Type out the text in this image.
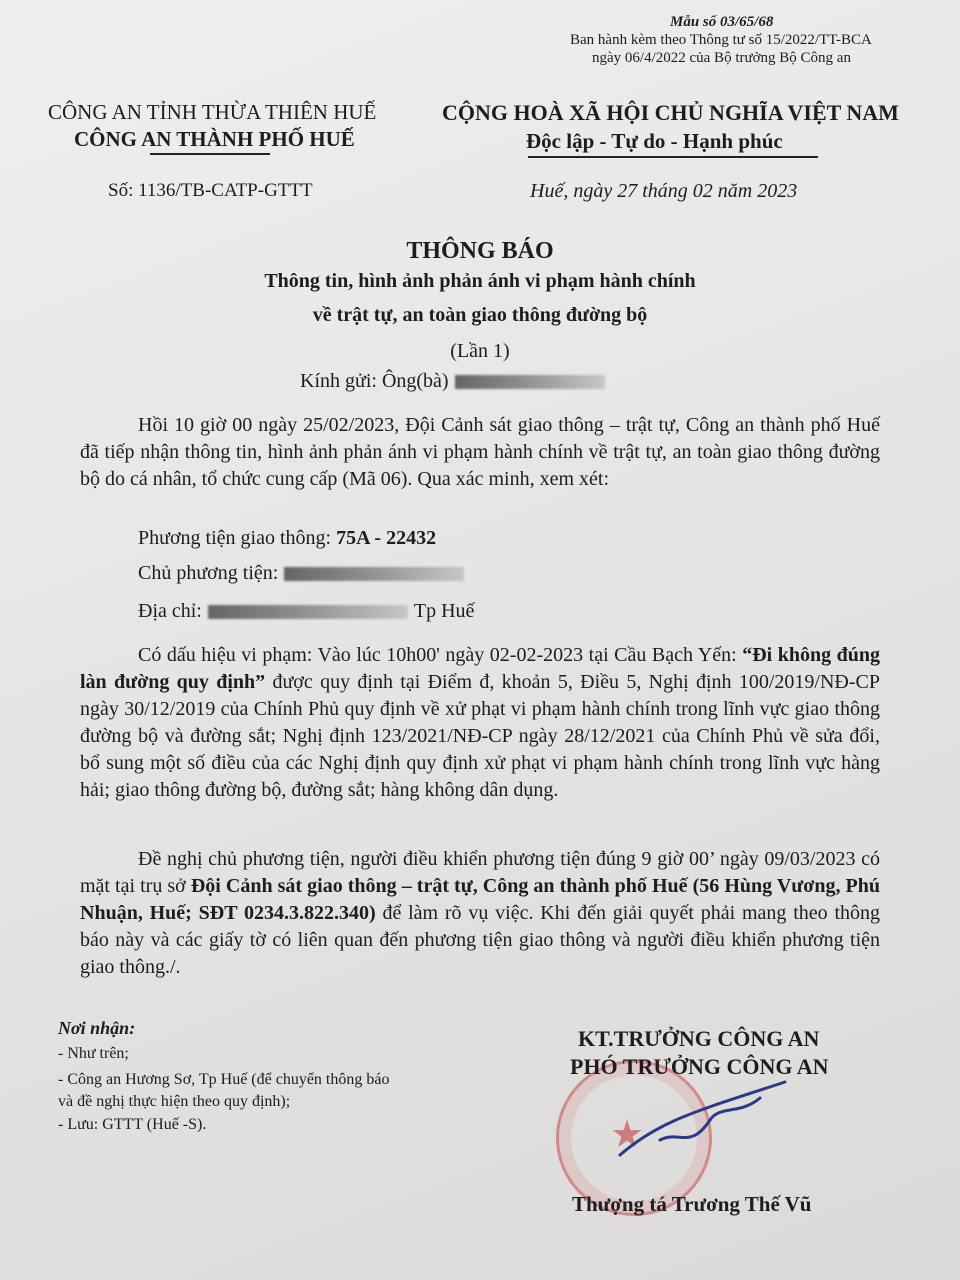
Mẫu số 03/65/68
Ban hành kèm theo Thông tư số 15/2022/TT-BCA
ngày 06/4/2022 của Bộ trưởng Bộ Công an
CÔNG AN TỈNH THỪA THIÊN HUẾ
CÔNG AN THÀNH PHỐ HUẾ
CỘNG HOÀ XÃ HỘI CHỦ NGHĨA VIỆT NAM
Độc lập - Tự do - Hạnh phúc
Số: 1136/TB-CATP-GTTT	Huế, ngày 27 tháng 02 năm 2023
THÔNG BÁO
Thông tin, hình ảnh phản ánh vi phạm hành chính
về trật tự, an toàn giao thông đường bộ
(Lần 1)
Kính gửi: Ông(bà)
Hồi 10 giờ 00 ngày 25/02/2023, Đội Cảnh sát giao thông – trật tự, Công an thành phố Huế đã tiếp nhận thông tin, hình ảnh phản ánh vi phạm hành chính về trật tự, an toàn giao thông đường bộ do cá nhân, tổ chức cung cấp (Mã 06). Qua xác minh, xem xét:
Phương tiện giao thông: 75A - 22432
Chủ phương tiện:
Địa chỉ:	Tp Huế
Có dấu hiệu vi phạm: Vào lúc 10h00' ngày 02-02-2023 tại Cầu Bạch Yến: “Đi không đúng làn đường quy định” được quy định tại Điểm đ, khoản 5, Điều 5, Nghị định 100/2019/NĐ-CP ngày 30/12/2019 của Chính Phủ quy định về xử phạt vi phạm hành chính trong lĩnh vực giao thông đường bộ và đường sắt; Nghị định 123/2021/NĐ-CP ngày 28/12/2021 của Chính Phủ về sửa đổi, bổ sung một số điều của các Nghị định quy định xử phạt vi phạm hành chính trong lĩnh vực hàng hải; giao thông đường bộ, đường sắt; hàng không dân dụng.
Đề nghị chủ phương tiện, người điều khiển phương tiện đúng 9 giờ 00’ ngày 09/03/2023 có mặt tại trụ sở Đội Cảnh sát giao thông – trật tự, Công an thành phố Huế (56 Hùng Vương, Phú Nhuận, Huế; SĐT 0234.3.822.340) để làm rõ vụ việc. Khi đến giải quyết phải mang theo thông báo này và các giấy tờ có liên quan đến phương tiện giao thông và người điều khiển phương tiện giao thông./.
Nơi nhận:
- Như trên;
- Công an Hương Sơ, Tp Huế (để chuyển thông báo
và đề nghị thực hiện theo quy định);
- Lưu: GTTT (Huế -S).	★
KT.TRƯỞNG CÔNG AN
PHÓ TRƯỞNG CÔNG AN
Thượng tá Trương Thế Vũ
